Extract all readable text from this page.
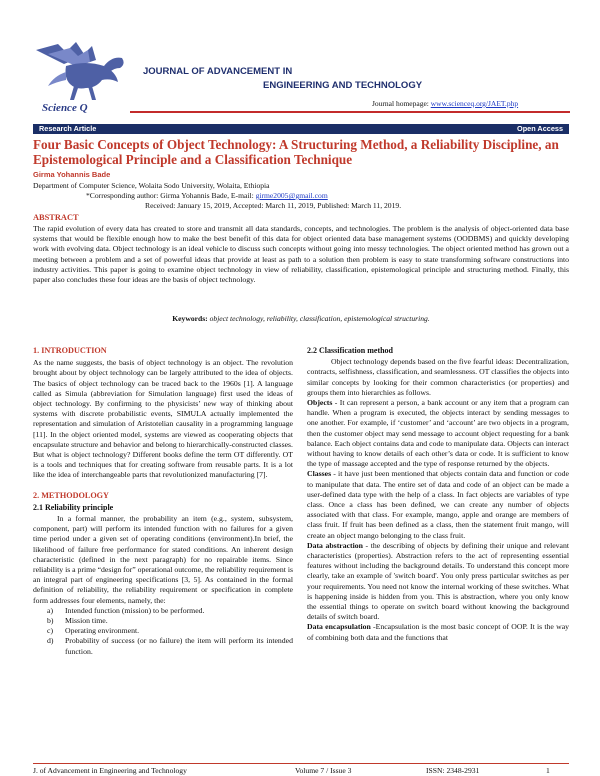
Science Q
JOURNAL OF ADVANCEMENT IN
ENGINEERING AND TECHNOLOGY
Journal homepage: www.scienceq.org/JAET.php
Research Article	Open Access
Four Basic Concepts of Object Technology: A Structuring Method, a Reliability Discipline, an Epistemological Principle and a Classification Technique
Girma Yohannis Bade
Department of Computer Science, Wolaita Sodo University, Wolaita, Ethiopia
*Corresponding author: Girma Yohannis Bade, E-mail: girme2005@gmail.com
Received: January 15, 2019, Accepted: March 11, 2019, Published: March 11, 2019.
ABSTRACT
The rapid evolution of every data has created to store and transmit all data standards, concepts, and technologies. The problem is the analysis of object-oriented data base systems that would be flexible enough how to make the best benefit of this data for object oriented data base management systems (OODBMS) and quickly developing work with evolving data. Object technology is an ideal vehicle to discuss such concepts without going into messy technologies. The object oriented method has grown out a meeting between a problem and a set of powerful ideas that provide at least as path to a solution then problem is easy to state transforming software constructions into industry activities. This paper is going to examine object technology in view of reliability, classification, epistemological principle and structuring method. Finally, this paper also concludes these four ideas are the basis of object technology.
Keywords: object technology, reliability, classification, epistemological structuring.
1. INTRODUCTION

As the name suggests, the basis of object technology is an object. The revolution brought about by object technology can be largely attributed to the idea of objects. The basics of object technology can be traced back to the 1960s [1]. A language called as Simula (abbreviation for Simulation language) first used the ideas of object technology. By confirming to the physicists’ new way of thinking about systems with discrete probabilistic events, SIMULA actually implemented the representation and simulation of Aristotelian causality in a programming language [11]. In the object oriented model, systems are viewed as cooperating objects that encapsulate structure and behavior and belong to hierarchically-constructed classes. But what is object technology? Different books define the term OT differently. OT is a tools and techniques that for creating software from reusable parts. It is a lot like the idea of interchangeable parts that revolutionized manufacturing [7].

2. METHODOLOGY
2.1 Reliability principle

In a formal manner, the probability an item (e.g., system, subsystem, component, part) will perform its intended function with no failures for a given time period under a given set of operating conditions (environment).In brief, the likelihood of failure free performance for stated conditions. An inherent design characteristic (defined in the next paragraph) for no repairable items. Since reliability is a prime “design for” operational outcome, the reliability requirement is an integral part of engineering specifications [3, 5]. As contained in the formal definition of reliability, the reliability requirement or specification in complete form addresses four elements, namely, the:

a) Intended function (mission) to be performed.
b) Mission time.
c) Operating environment.
d) Probability of success (or no failure) the item will perform its intended function.
2.2 Classification method

Object technology depends based on the five fearful ideas: Decentralization, contracts, selfishness, classification, and seamlessness. OT classifies the objects into similar concepts by looking for their common characteristics (or properties) and groups them into hierarchies as follows.

Objects - It can represent a person, a bank account or any item that a program can handle. When a program is executed, the objects interact by sending messages to one another. For example, if ‘customer’ and ‘account’ are two objects in a program, then the customer object may send message to account object requesting for a bank balance. Each object contains data and code to manipulate data. Objects can interact without having to know details of each other’s data or code. It is sufficient to know the type of massage accepted and the type of response returned by the objects.

Classes - it have just been mentioned that objects contain data and function or code to manipulate that data. The entire set of data and code of an object can be made a user-defined data type with the help of a class. In fact objects are variables of type class. Once a class has been defined, we can create any number of objects associated with that class. For example, mango, apple and orange are members of class fruit. If fruit has been defined as a class, then the statement fruit mango, will create an object mango belonging to the class fruit.

Data abstraction - the describing of objects by defining their unique and relevant characteristics (properties). Abstraction refers to the act of representing essential features without including the background details. To understand this concept more clearly, take an example of 'switch board'. You only press particular switches as per your requirements. You need not know the internal working of these switches. What is happening inside is hidden from you. This is abstraction, where you only know the essential things to operate on switch board without knowing the background details of switch board.

Data encapsulation -Encapsulation is the most basic concept of OOP. It is the way of combining both data and the functions that

J. of Advancement in Engineering and Technology	Volume 7 / Issue 3	ISSN: 2348-2931	1
